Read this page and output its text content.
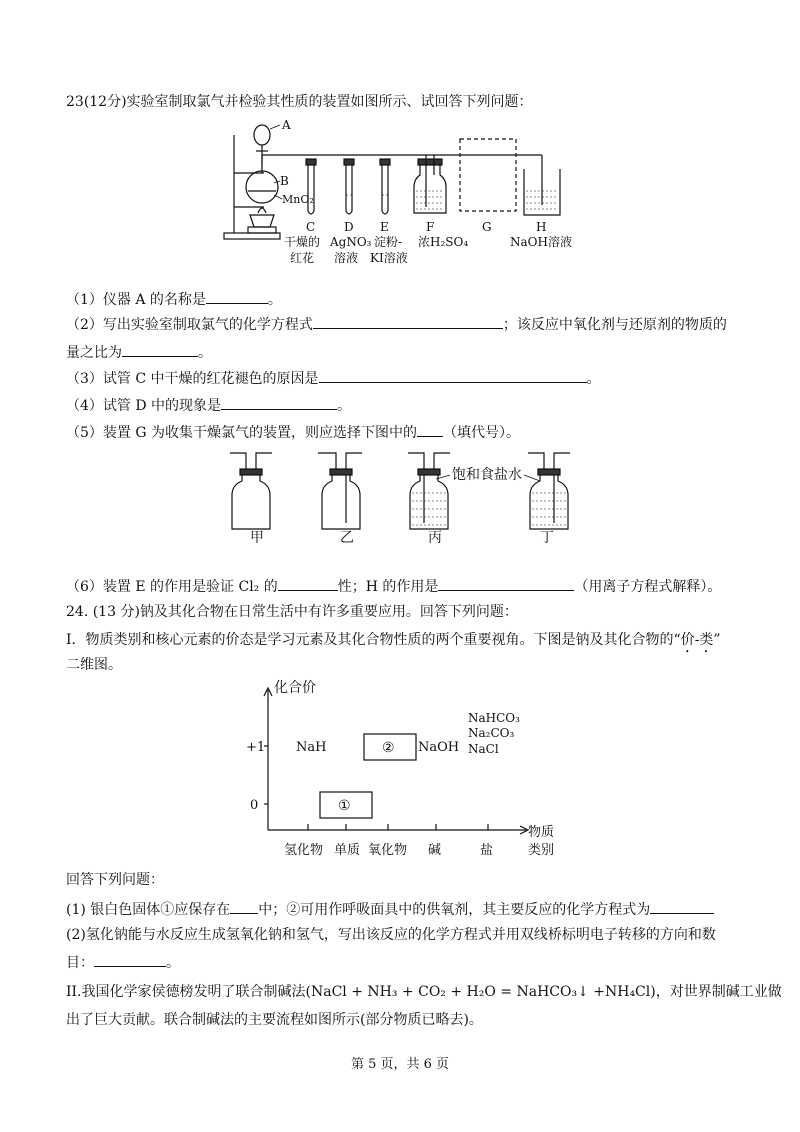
23(12分)实验室制取氯气并检验其性质的装置如图所示、试回答下列问题：
A
B
MnO₂
C D E	F	G	H
干燥的
红花
AgNO₃
溶液
淀粉-
KI溶液
浓H₂SO₄	NaOH溶液
（1）仪器 A 的名称是	。
（2）写出实验室制取氯气的化学方程式	；该反应中氧化剂与还原剂的物质的
量之比为	。
（3）试管 C 中干燥的红花褪色的原因是	。
（4）试管 D 中的现象是	。
（5）装置 G 为收集干燥氯气的装置，则应选择下图中的 （填代号）。
饱和食盐水
甲	乙	丙	丁
（6）装置 E 的作用是验证 Cl₂ 的	性；H 的作用是	（用离子方程式解释）。
24. (13 分)钠及其化合物在日常生活中有许多重要应用。回答下列问题：
I．物质类别和核心元素的价态是学习元素及其化合物性质的两个重要视角。下图是钠及其化合物的“价-类”
二维图。
化合价
+1
0
NaH	② NaOH
①
NaHCO₃
Na₂CO₃
NaCl
氢化物 单质 氧化物 碱	盐
物质
类别
回答下列问题：
(1) 银白色固体①应保存在 中；②可用作呼吸面具中的供氧剂，其主要反应的化学方程式为
(2)氢化钠能与水反应生成氢氧化钠和氢气，写出该反应的化学方程式并用双线桥标明电子转移的方向和数
目：	。
II.我国化学家侯德榜发明了联合制碱法(NaCl + NH₃ + CO₂ + H₂O = NaHCO₃↓ +NH₄Cl)，对世界制碱工业做
出了巨大贡献。联合制碱法的主要流程如图所示(部分物质已略去)。
第 5 页，共 6 页
